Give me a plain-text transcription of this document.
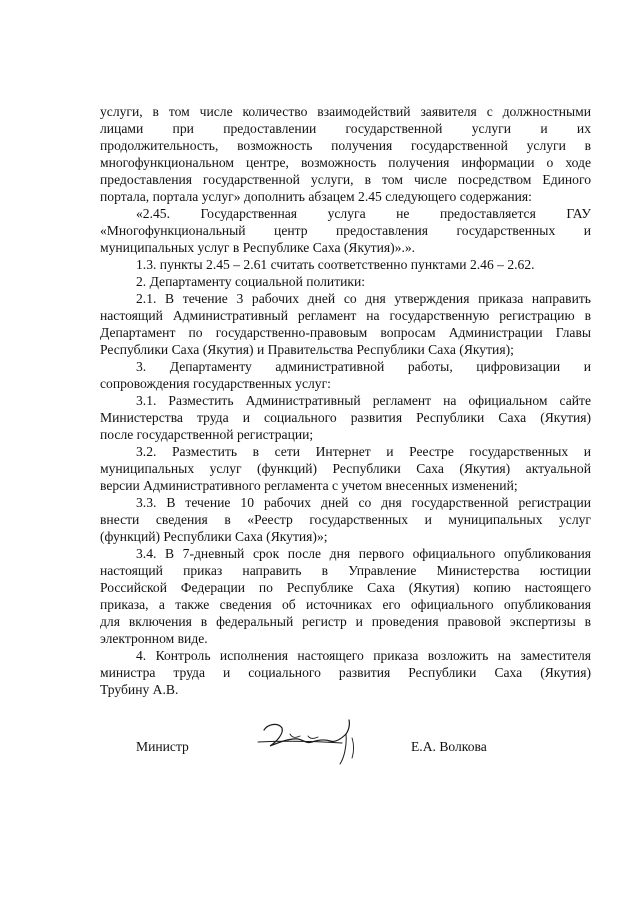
услуги, в том числе количество взаимодействий заявителя с должностными
лицами при предоставлении государственной услуги и их
продолжительность, возможность получения государственной услуги в
многофункциональном центре, возможность получения информации о ходе
предоставления государственной услуги, в том числе посредством Единого
портала, портала услуг» дополнить абзацем 2.45 следующего содержания:
«2.45. Государственная услуга не предоставляется ГАУ
«Многофункциональный центр предоставления государственных и
муниципальных услуг в Республике Саха (Якутия)».».
1.3. пункты 2.45 – 2.61 считать соответственно пунктами 2.46 – 2.62.
2. Департаменту социальной политики:
2.1. В течение 3 рабочих дней со дня утверждения приказа направить
настоящий Административный регламент на государственную регистрацию в
Департамент по государственно-правовым вопросам Администрации Главы
Республики Саха (Якутия) и Правительства Республики Саха (Якутия);
3. Департаменту административной работы, цифровизации и
сопровождения государственных услуг:
3.1. Разместить Административный регламент на официальном сайте
Министерства труда и социального развития Республики Саха (Якутия)
после государственной регистрации;
3.2. Разместить в сети Интернет и Реестре государственных и
муниципальных услуг (функций) Республики Саха (Якутия) актуальной
версии Административного регламента с учетом внесенных изменений;
3.3. В течение 10 рабочих дней со дня государственной регистрации
внести сведения в «Реестр государственных и муниципальных услуг
(функций) Республики Саха (Якутия)»;
3.4. В 7-дневный срок после дня первого официального опубликования
настоящий приказ направить в Управление Министерства юстиции
Российской Федерации по Республике Саха (Якутия) копию настоящего
приказа, а также сведения об источниках его официального опубликования
для включения в федеральный регистр и проведения правовой экспертизы в
электронном виде.
4. Контроль исполнения настоящего приказа возложить на заместителя
министра труда и социального развития Республики Саха (Якутия)
Трубину А.В.
Министр	Е.А. Волкова
